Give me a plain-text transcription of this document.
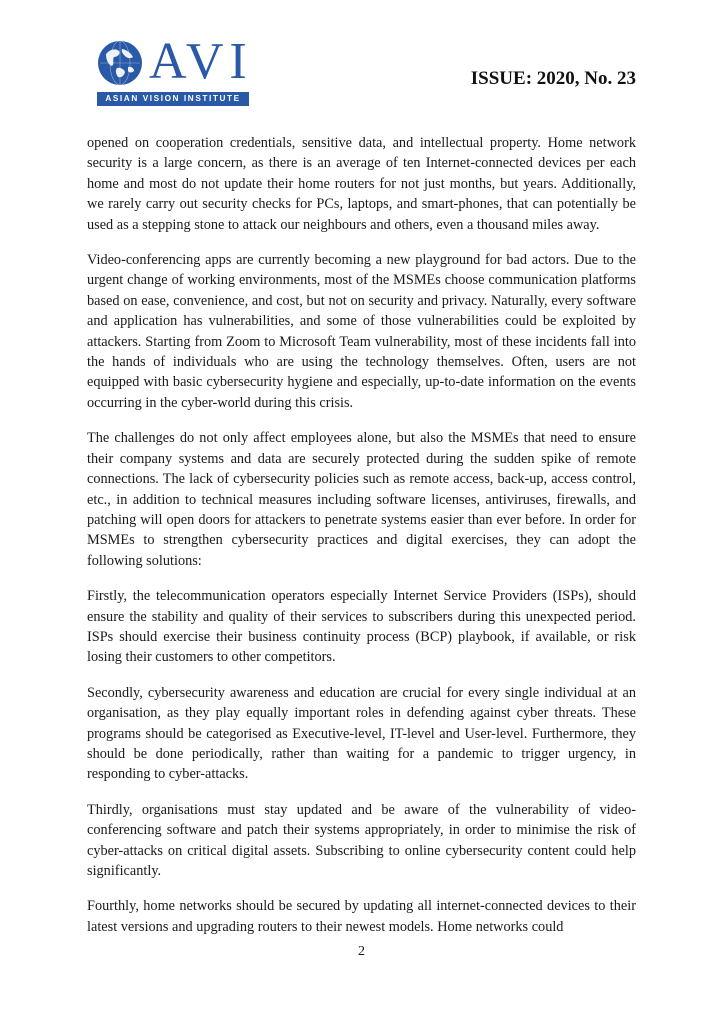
AVI
ASIAN VISION INSTITUTE
ISSUE: 2020, No. 23

opened on cooperation credentials, sensitive data, and intellectual property. Home network security is a large concern, as there is an average of ten Internet-connected devices per each home and most do not update their home routers for not just months, but years. Additionally, we rarely carry out security checks for PCs, laptops, and smart-phones, that can potentially be used as a stepping stone to attack our neighbours and others, even a thousand miles away.

Video-conferencing apps are currently becoming a new playground for bad actors. Due to the urgent change of working environments, most of the MSMEs choose communication platforms based on ease, convenience, and cost, but not on security and privacy. Naturally, every software and application has vulnerabilities, and some of those vulnerabilities could be exploited by attackers. Starting from Zoom to Microsoft Team vulnerability, most of these incidents fall into the hands of individuals who are using the technology themselves. Often, users are not equipped with basic cybersecurity hygiene and especially, up-to-date information on the events occurring in the cyber-world during this crisis.

The challenges do not only affect employees alone, but also the MSMEs that need to ensure their company systems and data are securely protected during the sudden spike of remote connections. The lack of cybersecurity policies such as remote access, back-up, access control, etc., in addition to technical measures including software licenses, antiviruses, firewalls, and patching will open doors for attackers to penetrate systems easier than ever before. In order for MSMEs to strengthen cybersecurity practices and digital exercises, they can adopt the following solutions:

Firstly, the telecommunication operators especially Internet Service Providers (ISPs), should ensure the stability and quality of their services to subscribers during this unexpected period. ISPs should exercise their business continuity process (BCP) playbook, if available, or risk losing their customers to other competitors.

Secondly, cybersecurity awareness and education are crucial for every single individual at an organisation, as they play equally important roles in defending against cyber threats. These programs should be categorised as Executive-level, IT-level and User-level. Furthermore, they should be done periodically, rather than waiting for a pandemic to trigger urgency, in responding to cyber-attacks.

Thirdly, organisations must stay updated and be aware of the vulnerability of video-conferencing software and patch their systems appropriately, in order to minimise the risk of cyber-attacks on critical digital assets. Subscribing to online cybersecurity content could help significantly.

Fourthly, home networks should be secured by updating all internet-connected devices to their latest versions and upgrading routers to their newest models. Home networks could

2
